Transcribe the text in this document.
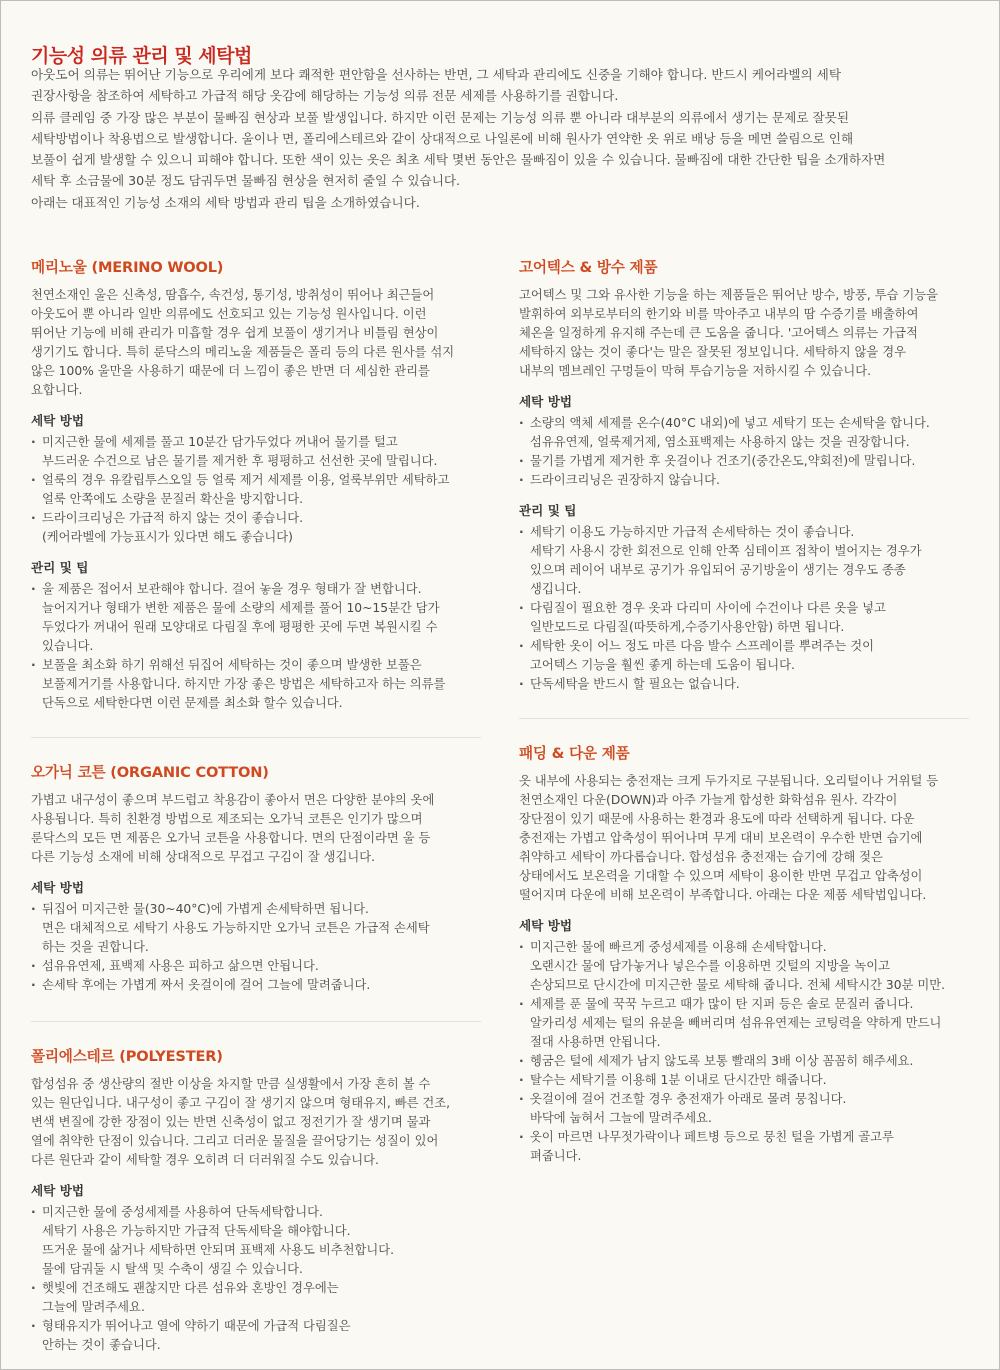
기능성 의류 관리 및 세탁법

아웃도어 의류는 뛰어난 기능으로 우리에게 보다 쾌적한 편안함을 선사하는 반면, 그 세탁과 관리에도 신중을 기해야 합니다. 반드시 케어라벨의 세탁

권장사항을 참조하여 세탁하고 가급적 해당 옷감에 해당하는 기능성 의류 전문 세제를 사용하기를 권합니다.

의류 클레임 중 가장 많은 부분이 물빠짐 현상과 보풀 발생입니다. 하지만 이런 문제는 기능성 의류 뿐 아니라 대부분의 의류에서 생기는 문제로 잘못된

세탁방법이나 착용법으로 발생합니다. 울이나 면, 폴리에스테르와 같이 상대적으로 나일론에 비해 원사가 연약한 옷 위로 배낭 등을 메면 쓸림으로 인해

보풀이 쉽게 발생할 수 있으니 피해야 합니다. 또한 색이 있는 옷은 최초 세탁 몇번 동안은 물빠짐이 있을 수 있습니다. 물빠짐에 대한 간단한 팁을 소개하자면

세탁 후 소금물에 30분 정도 담궈두면 물빠짐 현상을 현저히 줄일 수 있습니다.

아래는 대표적인 기능성 소재의 세탁 방법과 관리 팁을 소개하였습니다.

메리노울 (MERINO WOOL)

천연소재인 울은 신축성, 땀흡수, 속건성, 통기성, 방취성이 뛰어나 최근들어

아웃도어 뿐 아니라 일반 의류에도 선호되고 있는 기능성 원사입니다. 이런

뛰어난 기능에 비해 관리가 미흡할 경우 쉽게 보풀이 생기거나 비틀림 현상이

생기기도 합니다. 특히 룬닥스의 메리노울 제품들은 폴리 등의 다른 원사를 섞지

않은 100% 울만을 사용하기 때문에 더 느낌이 좋은 반면 더 세심한 관리를

요합니다.

세탁 방법
· 미지근한 물에 세제를 풀고 10분간 담가두었다 꺼내어 물기를 털고
부드러운 수건으로 남은 물기를 제거한 후 평평하고 선선한 곳에 말립니다.
· 얼룩의 경우 유칼립투스오일 등 얼룩 제거 세제를 이용, 얼룩부위만 세탁하고
얼룩 안쪽에도 소량을 문질러 확산을 방지합니다.
· 드라이크리닝은 가급적 하지 않는 것이 좋습니다.
(케어라벨에 가능표시가 있다면 해도 좋습니다)
관리 및 팁
· 울 제품은 접어서 보관해야 합니다. 걸어 놓을 경우 형태가 잘 변합니다.
늘어지거나 형태가 변한 제품은 물에 소량의 세제를 풀어 10~15분간 담가
두었다가 꺼내어 원래 모양대로 다림질 후에 평평한 곳에 두면 복원시킬 수
있습니다.
· 보풀을 최소화 하기 위해선 뒤집어 세탁하는 것이 좋으며 발생한 보풀은
보풀제거기를 사용합니다. 하지만 가장 좋은 방법은 세탁하고자 하는 의류를
단독으로 세탁한다면 이런 문제를 최소화 할수 있습니다.
오가닉 코튼 (ORGANIC COTTON)

가볍고 내구성이 좋으며 부드럽고 착용감이 좋아서 면은 다양한 분야의 옷에

사용됩니다. 특히 친환경 방법으로 제조되는 오가닉 코튼은 인기가 많으며

룬닥스의 모든 면 제품은 오가닉 코튼을 사용합니다. 면의 단점이라면 울 등

다른 기능성 소재에 비해 상대적으로 무겁고 구김이 잘 생깁니다.

세탁 방법
· 뒤집어 미지근한 물(30~40°C)에 가볍게 손세탁하면 됩니다.
면은 대체적으로 세탁기 사용도 가능하지만 오가닉 코튼은 가급적 손세탁
하는 것을 권합니다.
· 섬유유연제, 표백제 사용은 피하고 삶으면 안됩니다.
· 손세탁 후에는 가볍게 짜서 옷걸이에 걸어 그늘에 말려줍니다.
폴리에스테르 (POLYESTER)

합성섬유 중 생산량의 절반 이상을 차지할 만큼 실생활에서 가장 흔히 볼 수

있는 원단입니다. 내구성이 좋고 구김이 잘 생기지 않으며 형태유지, 빠른 건조,

변색 변질에 강한 장점이 있는 반면 신축성이 없고 정전기가 잘 생기며 물과

열에 취약한 단점이 있습니다. 그리고 더러운 물질을 끌어당기는 성질이 있어

다른 원단과 같이 세탁할 경우 오히려 더 더러워질 수도 있습니다.

세탁 방법
· 미지근한 물에 중성세제를 사용하여 단독세탁합니다.
세탁기 사용은 가능하지만 가급적 단독세탁을 해야합니다.
뜨거운 물에 삶거나 세탁하면 안되며 표백제 사용도 비추천합니다.
물에 담궈둘 시 탈색 및 수축이 생길 수 있습니다.
· 햇빛에 건조해도 괜찮지만 다른 섬유와 혼방인 경우에는
그늘에 말려주세요.
· 형태유지가 뛰어나고 열에 약하기 때문에 가급적 다림질은
안하는 것이 좋습니다.
고어텍스 & 방수 제품

고어텍스 및 그와 유사한 기능을 하는 제품들은 뛰어난 방수, 방풍, 투습 기능을

발휘하여 외부로부터의 한기와 비를 막아주고 내부의 땀 수증기를 배출하여

체온을 일정하게 유지해 주는데 큰 도움을 줍니다. '고어텍스 의류는 가급적

세탁하지 않는 것이 좋다'는 말은 잘못된 정보입니다. 세탁하지 않을 경우

내부의 멤브레인 구멍들이 막혀 투습기능을 저하시킬 수 있습니다.

세탁 방법
· 소량의 액체 세제를 온수(40°C 내외)에 넣고 세탁기 또는 손세탁을 합니다.
섬유유연제, 얼룩제거제, 염소표백제는 사용하지 않는 것을 권장합니다.
· 물기를 가볍게 제거한 후 옷걸이나 건조기(중간온도,약회전)에 말립니다.
· 드라이크리닝은 권장하지 않습니다.
관리 및 팁
· 세탁기 이용도 가능하지만 가급적 손세탁하는 것이 좋습니다.
세탁기 사용시 강한 회전으로 인해 안쪽 심테이프 접착이 벌어지는 경우가
있으며 레이어 내부로 공기가 유입되어 공기방울이 생기는 경우도 종종
생깁니다.
· 다림질이 필요한 경우 옷과 다리미 사이에 수건이나 다른 옷을 넣고
일반모드로 다림질(따뜻하게,수증기사용안함) 하면 됩니다.
· 세탁한 옷이 어느 정도 마른 다음 발수 스프레이를 뿌려주는 것이
고어텍스 기능을 훨씬 좋게 하는데 도움이 됩니다.
· 단독세탁을 반드시 할 필요는 없습니다.
패딩 & 다운 제품

옷 내부에 사용되는 충전재는 크게 두가지로 구분됩니다. 오리털이나 거위털 등

천연소재인 다운(DOWN)과 아주 가늘게 합성한 화학섬유 원사. 각각이

장단점이 있기 때문에 사용하는 환경과 용도에 따라 선택하게 됩니다. 다운

충전재는 가볍고 압축성이 뛰어나며 무게 대비 보온력이 우수한 반면 습기에

취약하고 세탁이 까다롭습니다. 합성섬유 충전재는 습기에 강해 젖은

상태에서도 보온력을 기대할 수 있으며 세탁이 용이한 반면 무겁고 압축성이

떨어지며 다운에 비해 보온력이 부족합니다. 아래는 다운 제품 세탁법입니다.

세탁 방법
· 미지근한 물에 빠르게 중성세제를 이용해 손세탁합니다.
오랜시간 물에 담가놓거나 넣은수를 이용하면 깃털의 지방을 녹이고
손상되므로 단시간에 미지근한 물로 세탁해 줍니다. 전체 세탁시간 30분 미만.
· 세제를 푼 물에 꾹꾹 누르고 때가 많이 탄 지퍼 등은 솔로 문질러 줍니다.
알카리성 세제는 털의 유분을 빼버리며 섬유유연제는 코팅력을 약하게 만드니
절대 사용하면 안됩니다.
· 헹굼은 털에 세제가 남지 않도록 보통 빨래의 3배 이상 꼼꼼히 해주세요.
· 탈수는 세탁기를 이용해 1분 이내로 단시간만 해줍니다.
· 옷걸이에 걸어 건조할 경우 충전재가 아래로 몰려 뭉칩니다.
바닥에 눕혀서 그늘에 말려주세요.
· 옷이 마르면 나무젓가락이나 페트병 등으로 뭉친 털을 가볍게 골고루
펴줍니다.
